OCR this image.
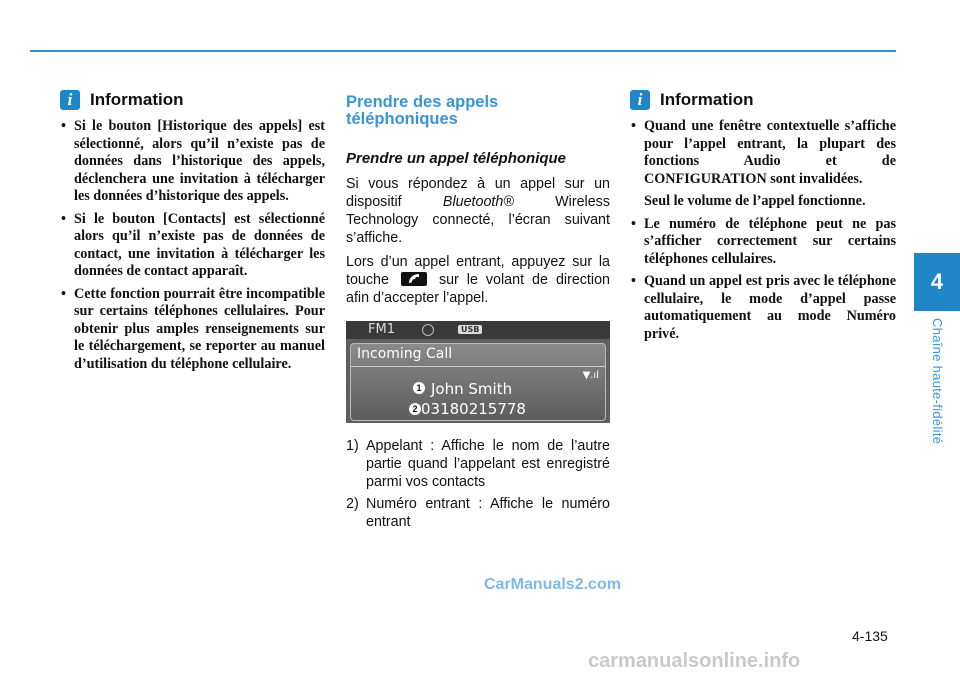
i	Information
• Si le bouton [Historique des appels] est sélectionné, alors qu’il n’existe pas de données dans l’historique des appels, déclenchera une invitation à télécharger les données d’historique des appels.
• Si le bouton [Contacts] est sélectionné alors qu’il n’existe pas de données de contact, une invitation à télécharger les données de contact apparaît.
• Cette fonction pourrait être incompatible sur certains téléphones cellulaires. Pour obtenir plus amples renseignements sur le téléchargement, se reporter au manuel d’utilisation du téléphone cellulaire.
Prendre des appels téléphoniques
Prendre un appel téléphonique

Si vous répondez à un appel sur un dispositif	Bluetooth®	Wireless Technology connecté, l’écran suivant s’affiche.

Lors d’un appel entrant, appuyez sur la touche	sur le volant de direction afin d’accepter l’appel.

FM1	USB
Incoming Call
▼.ıl
1 John Smith
2 03180215778
1) Appelant : Affiche le nom de l’autre partie quand l’appelant est enregistré parmi vos contacts
2) Numéro entrant : Affiche le numéro entrant
i	Information
• Quand une fenêtre contextuelle s’affiche pour l’appel entrant, la plupart des fonctions Audio et de CONFIGURATION sont invalidées.
Seul le volume de l’appel fonctionne.
• Le numéro de téléphone peut ne pas s’afficher correctement sur certains téléphones cellulaires.
• Quand un appel est pris avec le téléphone cellulaire, le mode d’appel passe automatiquement au mode Numéro privé.
4
Chaîne haute-fidélité
CarManuals2.com
4-135
carmanualsonline.info
